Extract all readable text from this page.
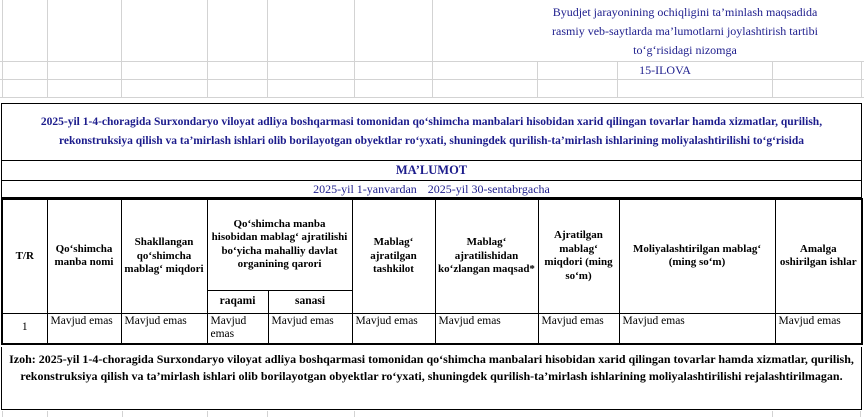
Byudjet jarayonining ochiqligini ta’minlash maqsadida
rasmiy veb-saytlarda ma’lumotlarni joylashtirish tartibi
to‘g‘risidagi nizomga
15-ILOVA
2025-yil 1-4-choragida Surxondaryo viloyat adliya boshqarmasi tomonidan qo‘shimcha manbalari hisobidan xarid qilingan tovarlar hamda xizmatlar, qurilish,
rekonstruksiya qilish va ta’mirlash ishlari olib borilayotgan obyektlar ro‘yxati, shuningdek qurilish-ta’mirlash ishlarining moliyalashtirilishi to‘g‘risida
MA’LUMOT
2025-yil 1-yanvardan 2025-yil 30-sentabrgacha
T/R	Qo‘shimcha manba nomi	Shakllangan qo‘shimcha mablag‘ miqdori	Qo‘shimcha manba hisobidan mablag‘ ajratilishi bo‘yicha mahalliy davlat organining qarori		Mablag‘ ajratilgan tashkilot	Mablag‘ ajratilishidan ko‘zlangan maqsad*	Ajratilgan mablag‘ miqdori (ming so‘m)	Moliyalashtirilgan mablag‘ (ming so‘m)	Amalga oshirilgan ishlar
			raqami	sanasi					
1	Mavjud emas	Mavjud emas	Mavjud emas	Mavjud emas	Mavjud emas	Mavjud emas	Mavjud emas	Mavjud emas	Mavjud emas
Izoh: 2025-yil 1-4-choragida Surxondaryo viloyat adliya boshqarmasi tomonidan qo‘shimcha manbalari hisobidan xarid qilingan tovarlar hamda xizmatlar, qurilish, rekonstruksiya qilish va ta’mirlash ishlari olib borilayotgan obyektlar ro‘yxati, shuningdek qurilish-ta’mirlash ishlarining moliyalashtirilishi rejalashtirilmagan.
